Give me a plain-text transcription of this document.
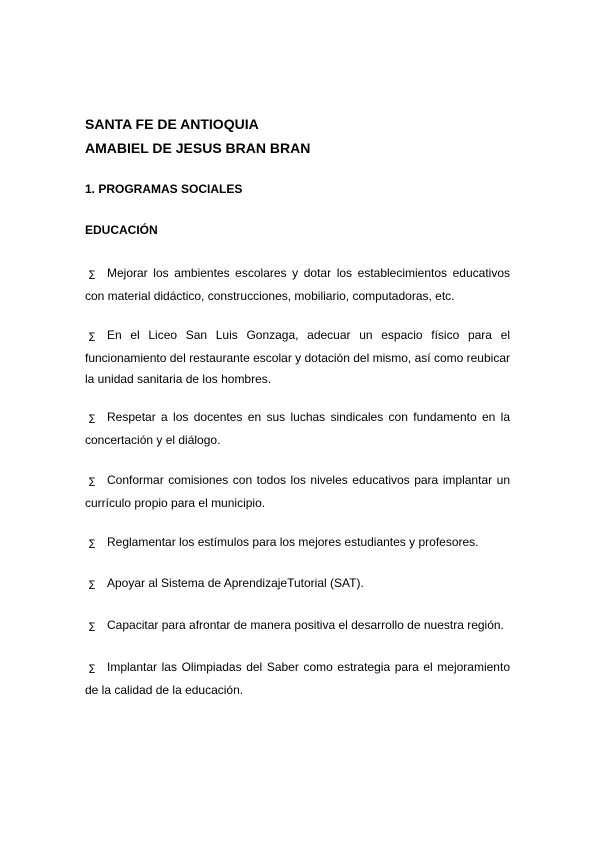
SANTA FE DE ANTIOQUIA
AMABIEL DE JESUS BRAN BRAN
1. PROGRAMAS SOCIALES
EDUCACIÓN
∑ Mejorar los ambientes escolares y dotar los establecimientos educativos con material didáctico, construcciones, mobiliario, computadoras, etc.
∑ En el Liceo San Luis Gonzaga, adecuar un espacio físico para el funcionamiento del restaurante escolar y dotación del mismo, así como reubicar la unidad sanitaria de los hombres.
∑ Respetar a los docentes en sus luchas sindicales con fundamento en la concertación y el diálogo.
∑ Conformar comisiones con todos los niveles educativos para implantar un currículo propio para el municipio.
∑ Reglamentar los estímulos para los mejores estudiantes y profesores.
∑ Apoyar al Sistema de AprendizajeTutorial (SAT).
∑ Capacitar para afrontar de manera positiva el desarrollo de nuestra región.
∑ Implantar las Olimpiadas del Saber como estrategia para el mejoramiento de la calidad de la educación.
